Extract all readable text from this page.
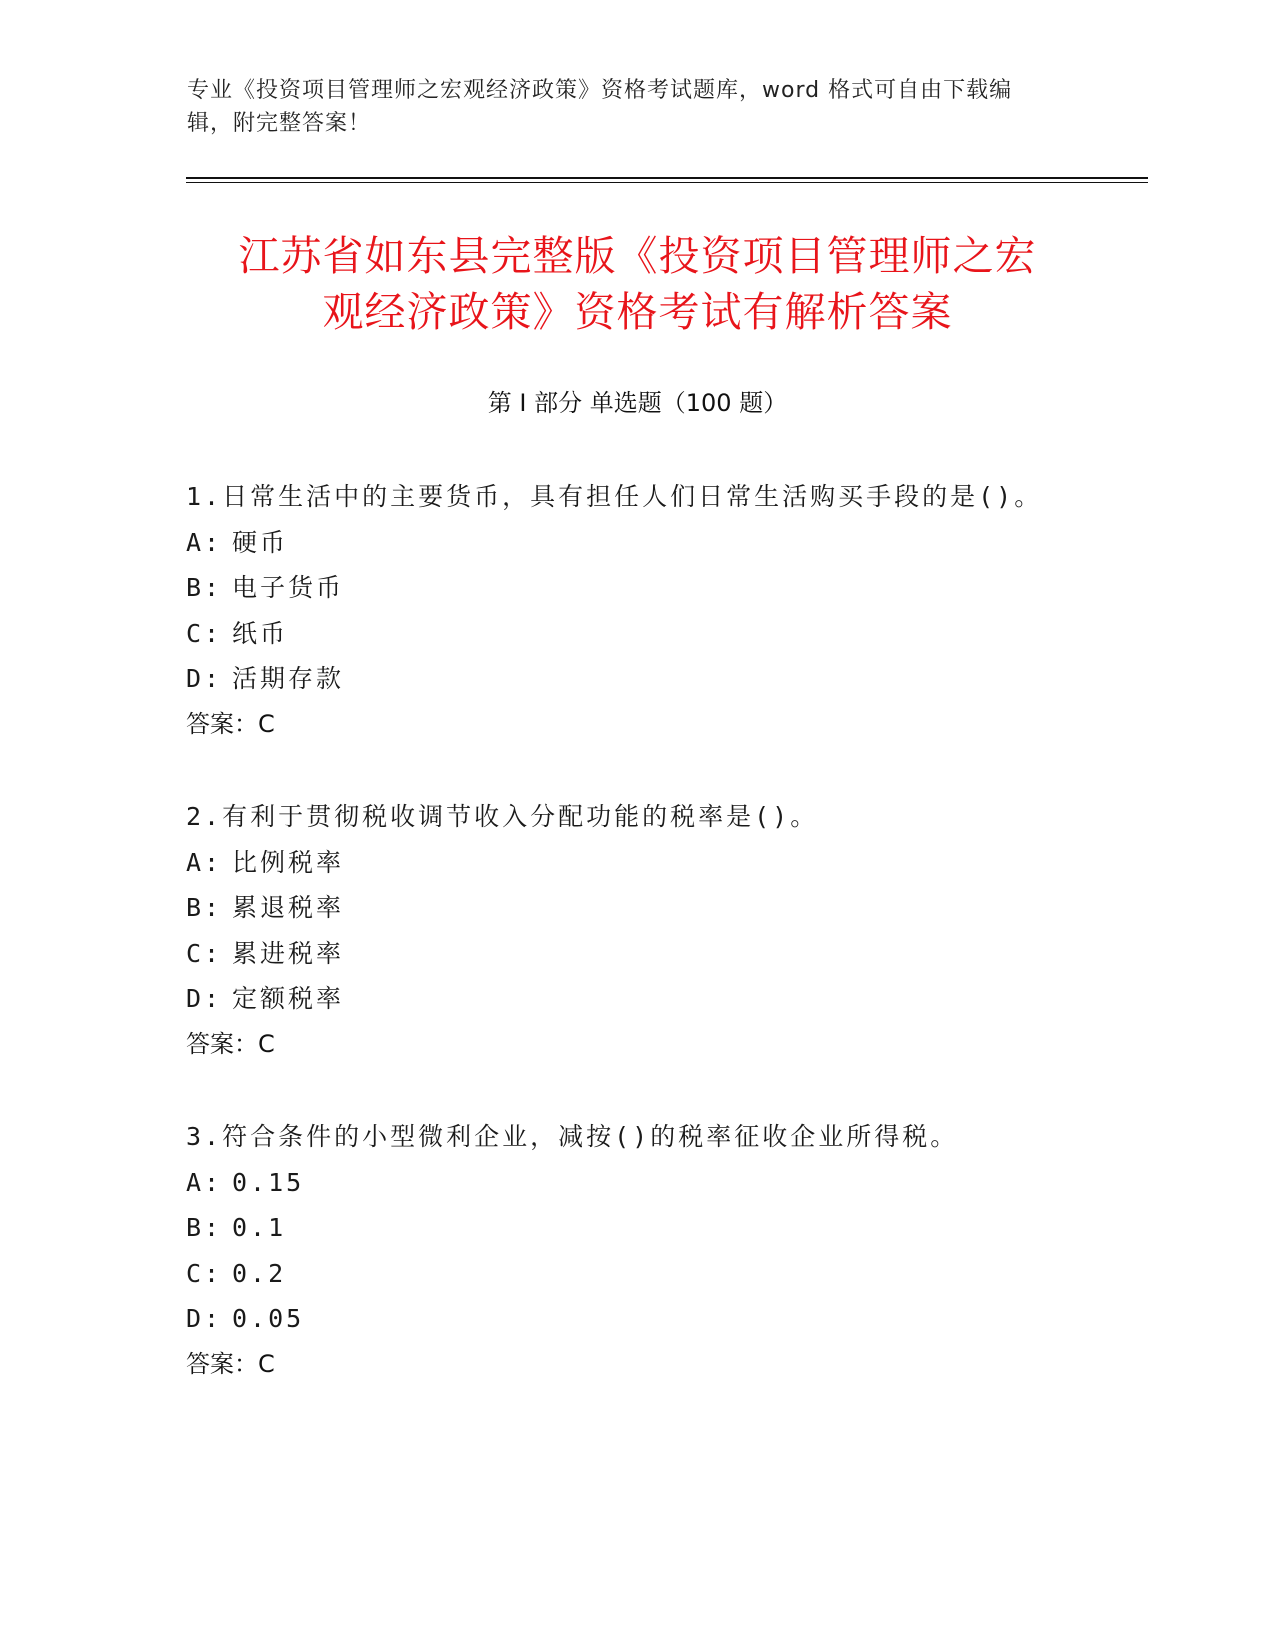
专业《投资项目管理师之宏观经济政策》资格考试题库，word 格式可自由下载编
辑，附完整答案！
江苏省如东县完整版《投资项目管理师之宏
观经济政策》资格考试有解析答案
第 I 部分 单选题（100 题）
1.日常生活中的主要货币，具有担任人们日常生活购买手段的是()。
A: 硬币
B: 电子货币
C: 纸币
D: 活期存款
答案：C
2.有利于贯彻税收调节收入分配功能的税率是()。
A: 比例税率
B: 累退税率
C: 累进税率
D: 定额税率
答案：C
3.符合条件的小型微利企业，减按()的税率征收企业所得税。
A: 0.15
B: 0.1
C: 0.2
D: 0.05
答案：C
